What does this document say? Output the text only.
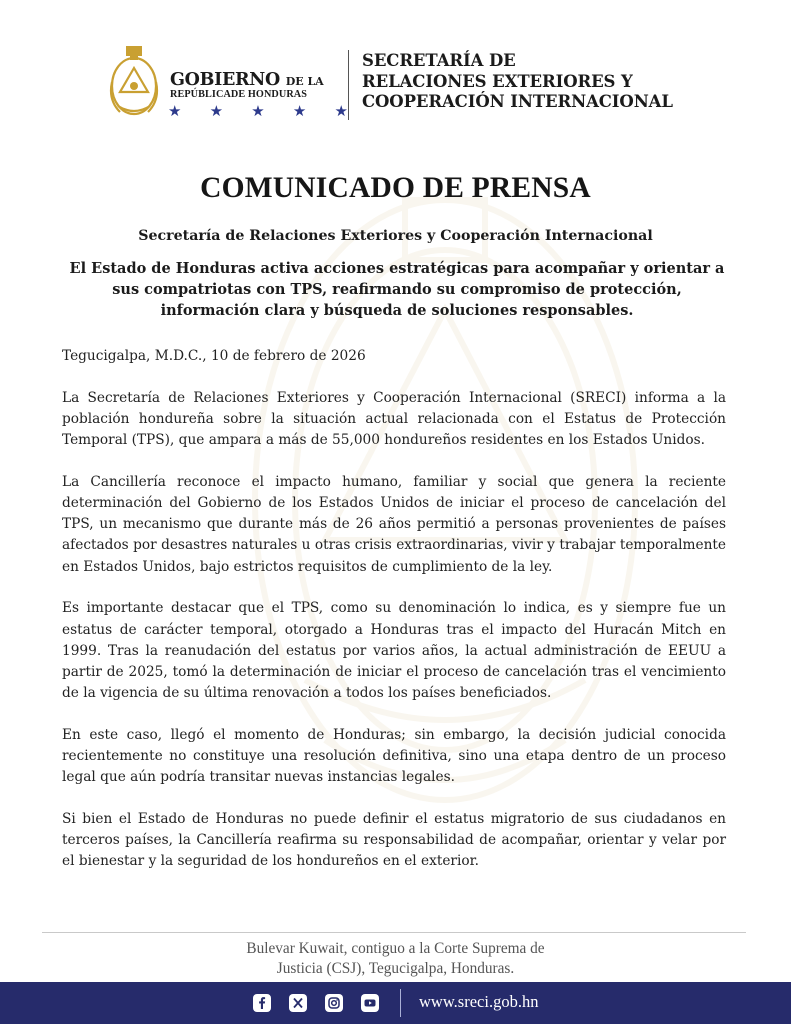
GOBIERNO DE LA
REPÚBLICADE HONDURAS
★ ★ ★ ★ ★
SECRETARÍA DE
RELACIONES EXTERIORES Y
COOPERACIÓN INTERNACIONAL
COMUNICADO DE PRENSA
Secretaría de Relaciones Exteriores y Cooperación Internacional
El Estado de Honduras activa acciones estratégicas para acompañar y orientar a sus compatriotas con TPS, reafirmando su compromiso de protección, información clara y búsqueda de soluciones responsables.

Tegucigalpa, M.D.C., 10 de febrero de 2026

La Secretaría de Relaciones Exteriores y Cooperación Internacional (SRECI) informa a la población hondureña sobre la situación actual relacionada con el Estatus de Protección Temporal (TPS), que ampara a más de 55,000 hondureños residentes en los Estados Unidos.

La Cancillería reconoce el impacto humano, familiar y social que genera la reciente determinación del Gobierno de los Estados Unidos de iniciar el proceso de cancelación del TPS, un mecanismo que durante más de 26 años permitió a personas provenientes de países afectados por desastres naturales u otras crisis extraordinarias, vivir y trabajar temporalmente en Estados Unidos, bajo estrictos requisitos de cumplimiento de la ley.

Es importante destacar que el TPS, como su denominación lo indica, es y siempre fue un estatus de carácter temporal, otorgado a Honduras tras el impacto del Huracán Mitch en 1999. Tras la reanudación del estatus por varios años, la actual administración de EEUU a partir de 2025, tomó la determinación de iniciar el proceso de cancelación tras el vencimiento de la vigencia de su última renovación a todos los países beneficiados.

En este caso, llegó el momento de Honduras; sin embargo, la decisión judicial conocida recientemente no constituye una resolución definitiva, sino una etapa dentro de un proceso legal que aún podría transitar nuevas instancias legales.

Si bien el Estado de Honduras no puede definir el estatus migratorio de sus ciudadanos en terceros países, la Cancillería reafirma su responsabilidad de acompañar, orientar y velar por el bienestar y la seguridad de los hondureños en el exterior.

Bulevar Kuwait, contiguo a la Corte Suprema de
Justicia (CSJ), Tegucigalpa, Honduras.
www.sreci.gob.hn
